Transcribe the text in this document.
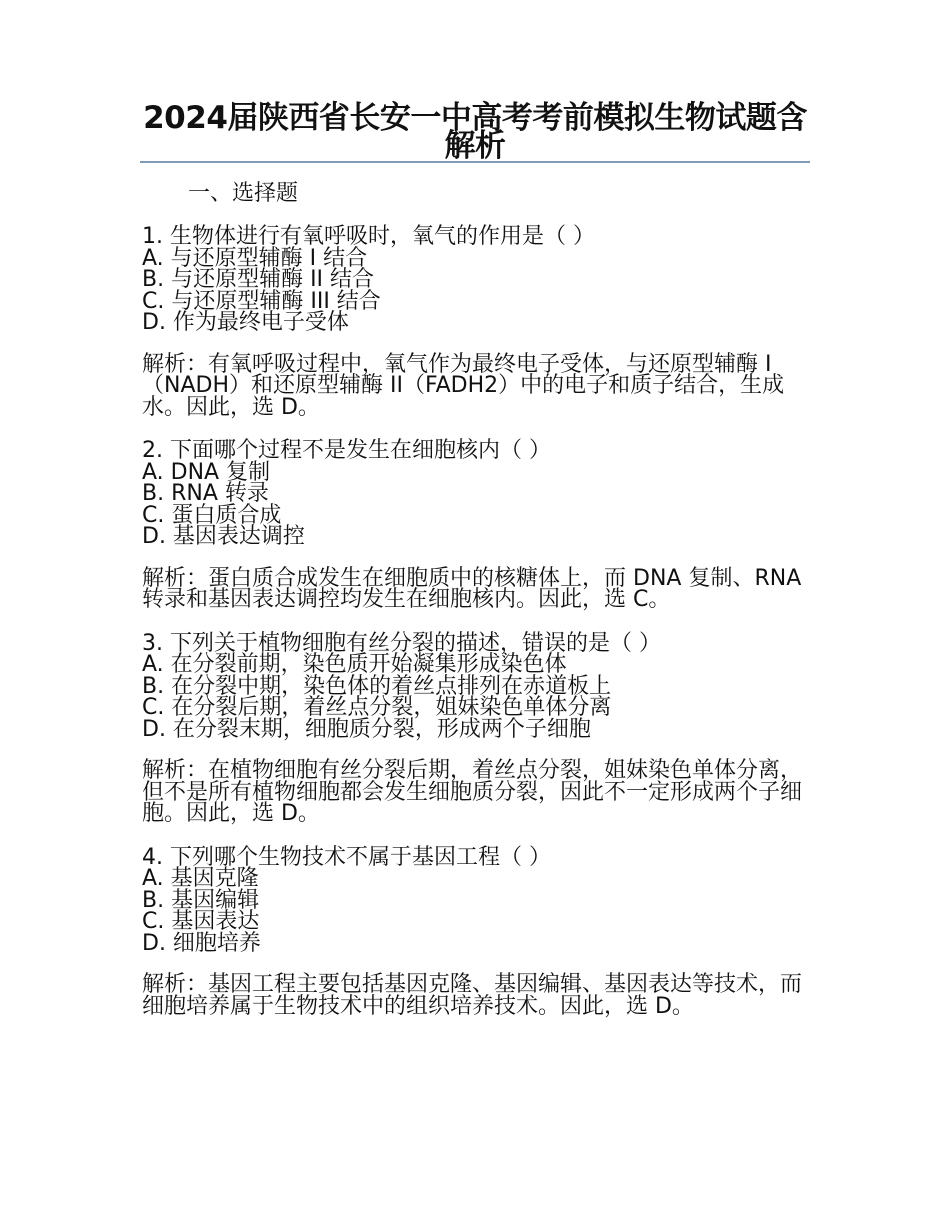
2024届陕西省长安一中高考考前模拟生物试题含解析
一、选择题

1. 生物体进行有氧呼吸时，氧气的作用是（ ）

A. 与还原型辅酶 I 结合

B. 与还原型辅酶 II 结合

C. 与还原型辅酶 III 结合

D. 作为最终电子受体

解析：有氧呼吸过程中，氧气作为最终电子受体，与还原型辅酶 I（NADH）和还原型辅酶 II（FADH2）中的电子和质子结合，生成水。因此，选 D。

2. 下面哪个过程不是发生在细胞核内（ ）

A. DNA 复制

B. RNA 转录

C. 蛋白质合成

D. 基因表达调控

解析：蛋白质合成发生在细胞质中的核糖体上，而 DNA 复制、RNA 转录和基因表达调控均发生在细胞核内。因此，选 C。

3. 下列关于植物细胞有丝分裂的描述，错误的是（ ）

A. 在分裂前期，染色质开始凝集形成染色体

B. 在分裂中期，染色体的着丝点排列在赤道板上

C. 在分裂后期，着丝点分裂，姐妹染色单体分离

D. 在分裂末期，细胞质分裂，形成两个子细胞

解析：在植物细胞有丝分裂后期，着丝点分裂，姐妹染色单体分离，但不是所有植物细胞都会发生细胞质分裂，因此不一定形成两个子细胞。因此，选 D。

4. 下列哪个生物技术不属于基因工程（ ）

A. 基因克隆

B. 基因编辑

C. 基因表达

D. 细胞培养

解析：基因工程主要包括基因克隆、基因编辑、基因表达等技术，而细胞培养属于生物技术中的组织培养技术。因此，选 D。
